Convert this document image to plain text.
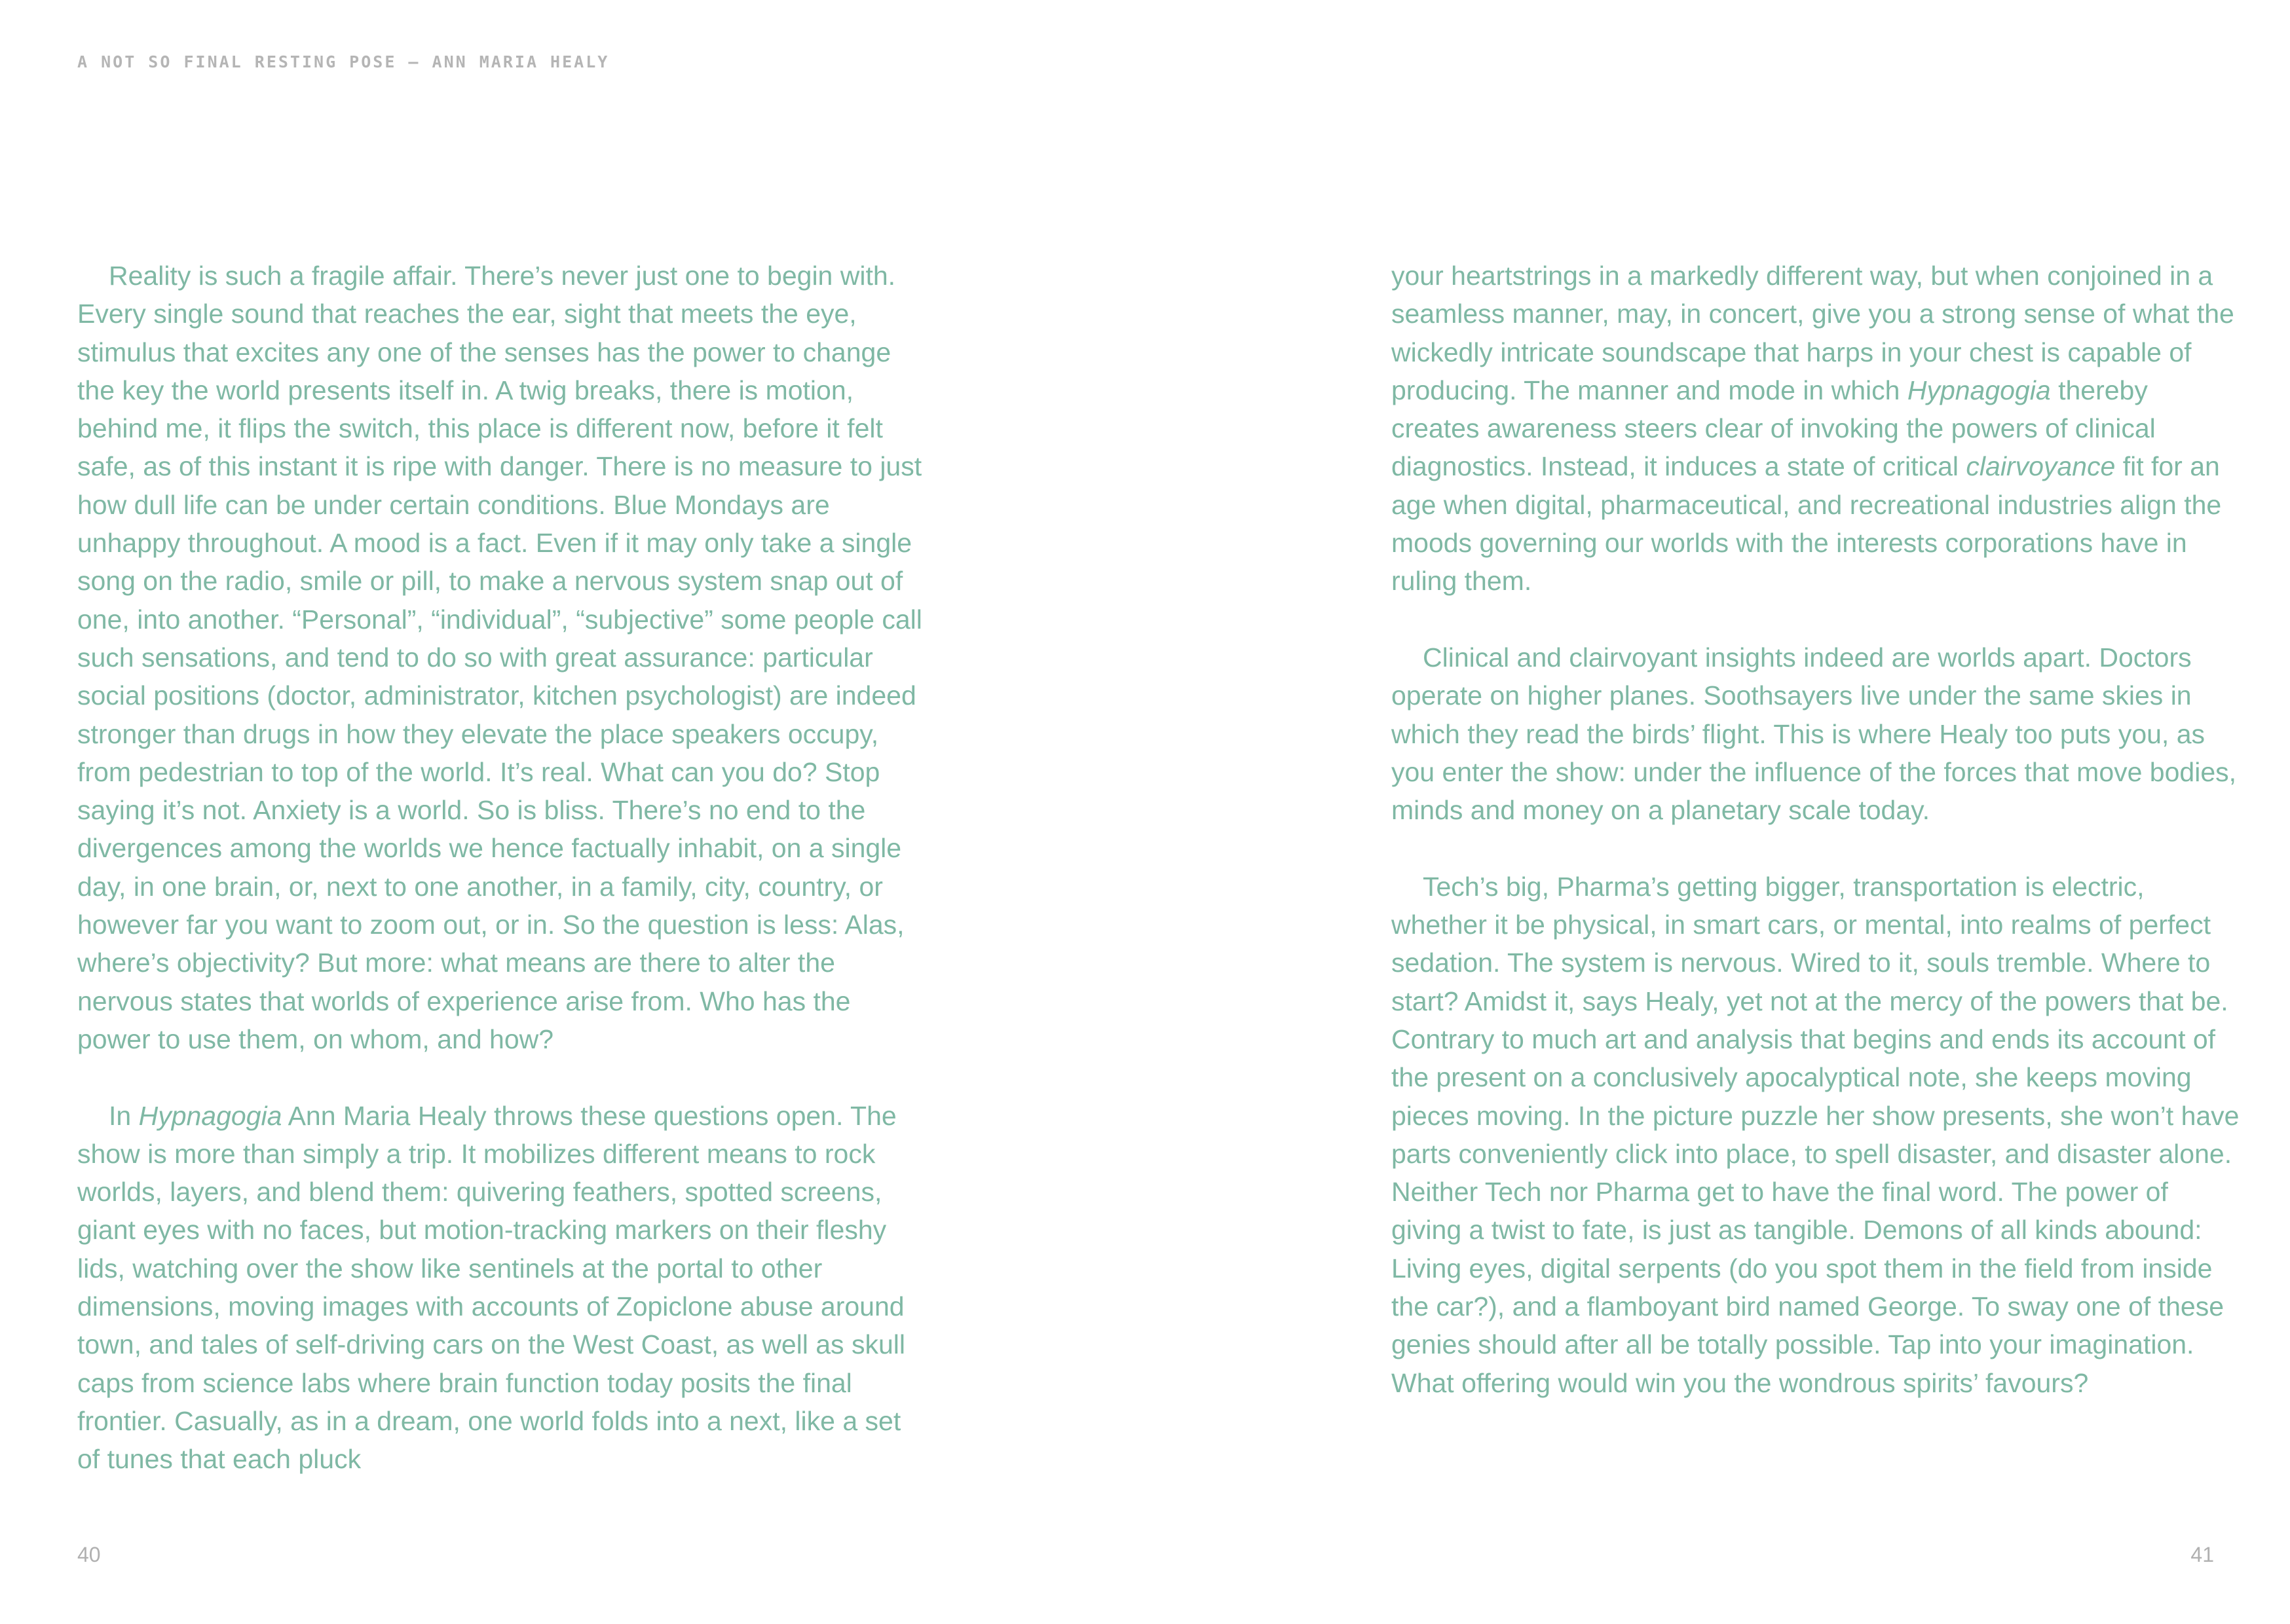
A NOT SO FINAL RESTING POSE – ANN MARIA HEALY

Reality is such a fragile affair. There’s never just one to begin with. Every single sound that reaches the ear, sight that meets the eye, stimulus that excites any one of the senses has the power to change the key the world presents itself in. A twig breaks, there is motion, behind me, it flips the switch, this place is different now, before it felt safe, as of this instant it is ripe with danger. There is no measure to just how dull life can be under certain conditions. Blue Mondays are unhappy throughout. A mood is a fact. Even if it may only take a single song on the radio, smile or pill, to make a nervous system snap out of one, into another. “Personal”, “individual”, “subjective” some people call such sensations, and tend to do so with great assurance: particular social positions (doctor, administrator, kitchen psychologist) are indeed stronger than drugs in how they elevate the place speakers occupy, from pedestrian to top of the world. It’s real. What can you do? Stop saying it’s not. Anxiety is a world. So is bliss. There’s no end to the divergences among the worlds we hence factually inhabit, on a single day, in one brain, or, next to one another, in a family, city, country, or however far you want to zoom out, or in. So the question is less: Alas, where’s objectivity? But more: what means are there to alter the nervous states that worlds of experience arise from. Who has the power to use them, on whom, and how?

In Hypnagogia Ann Maria Healy throws these questions open. The show is more than simply a trip. It mobilizes different means to rock worlds, layers, and blend them: quivering feathers, spotted screens, giant eyes with no faces, but motion-tracking markers on their fleshy lids, watching over the show like sentinels at the portal to other dimensions, moving images with accounts of Zopiclone abuse around town, and tales of self-driving cars on the West Coast, as well as skull caps from science labs where brain function today posits the final frontier. Casually, as in a dream, one world folds into a next, like a set of tunes that each pluck

your heartstrings in a markedly different way, but when conjoined in a seamless manner, may, in concert, give you a strong sense of what the wickedly intricate soundscape that harps in your chest is capable of producing. The manner and mode in which Hypnagogia thereby creates awareness steers clear of invoking the powers of clinical diagnostics. Instead, it induces a state of critical clairvoyance fit for an age when digital, pharmaceutical, and recreational industries align the moods governing our worlds with the interests corporations have in ruling them.

Clinical and clairvoyant insights indeed are worlds apart. Doctors operate on higher planes. Soothsayers live under the same skies in which they read the birds’ flight. This is where Healy too puts you, as you enter the show: under the influence of the forces that move bodies, minds and money on a planetary scale today.

Tech’s big, Pharma’s getting bigger, transportation is electric, whether it be physical, in smart cars, or mental, into realms of perfect sedation. The system is nervous. Wired to it, souls tremble. Where to start? Amidst it, says Healy, yet not at the mercy of the powers that be. Contrary to much art and analysis that begins and ends its account of the present on a conclusively apocalyptical note, she keeps moving pieces moving. In the picture puzzle her show presents, she won’t have parts conveniently click into place, to spell disaster, and disaster alone. Neither Tech nor Pharma get to have the final word. The power of giving a twist to fate, is just as tangible. Demons of all kinds abound: Living eyes, digital serpents (do you spot them in the field from inside the car?), and a flamboyant bird named George. To sway one of these genies should after all be totally possible. Tap into your imagination. What offering would win you the wondrous spirits’ favours?

40	41
